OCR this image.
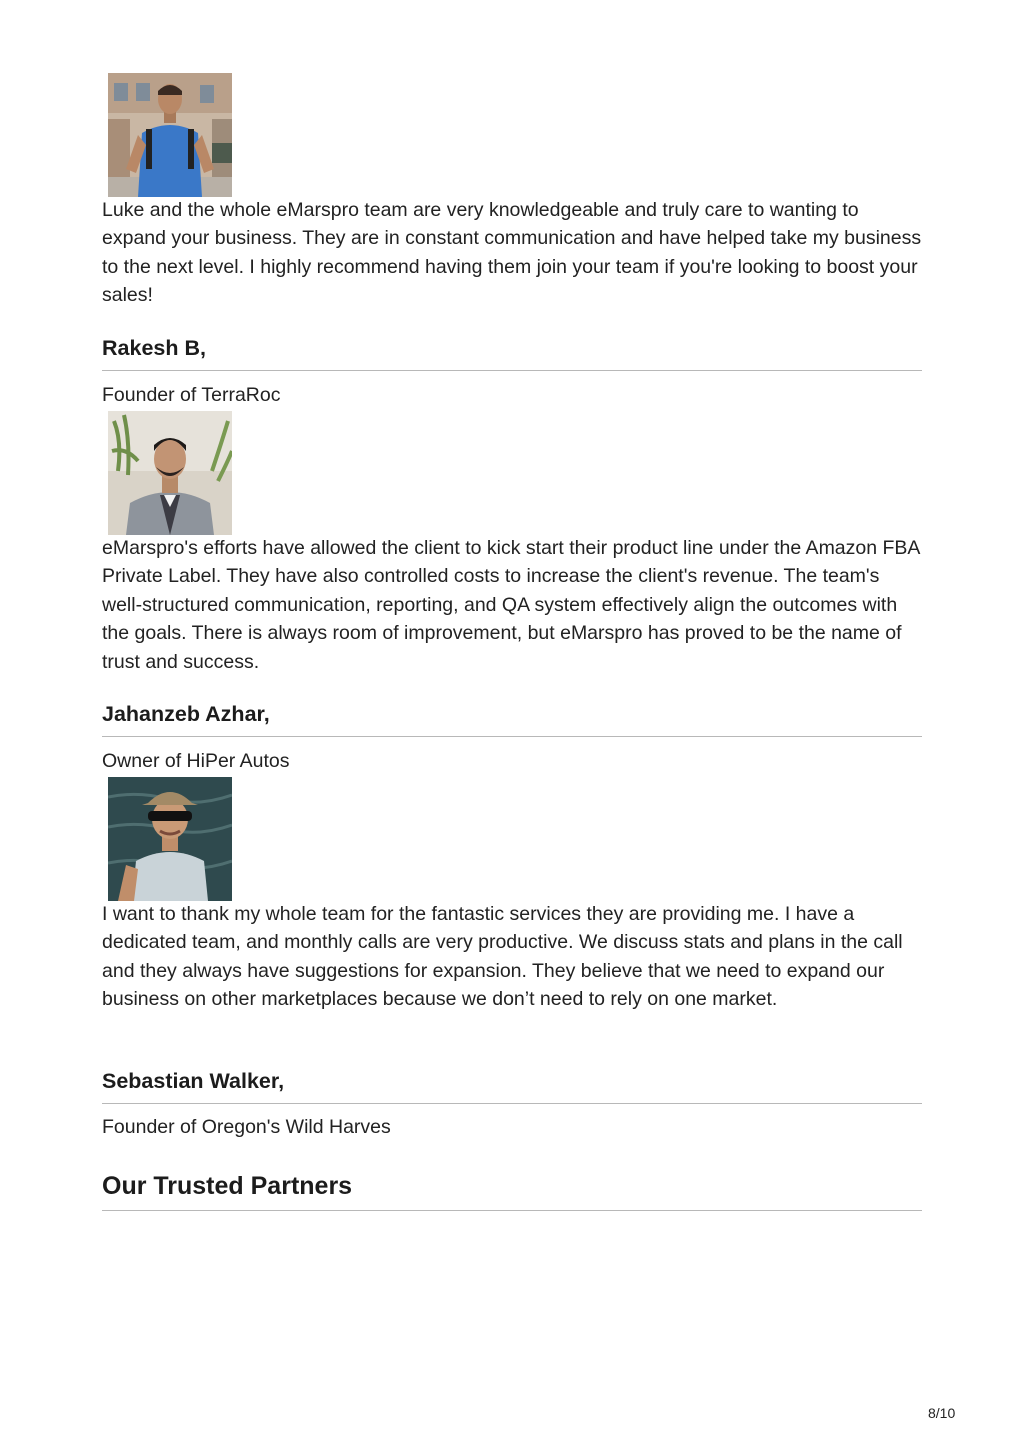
Luke and the whole eMarspro team are very knowledgeable and truly care to wanting to expand your business. They are in constant communication and have helped take my business to the next level. I highly recommend having them join your team if you're looking to boost your sales!

Rakesh B,

Founder of TerraRoc

eMarspro's efforts have allowed the client to kick start their product line under the Amazon FBA Private Label. They have also controlled costs to increase the client's revenue. The team's well-structured communication, reporting, and QA system effectively align the outcomes with the goals. There is always room of improvement, but eMarspro has proved to be the name of trust and success.

Jahanzeb Azhar,

Owner of HiPer Autos

I want to thank my whole team for the fantastic services they are providing me. I have a dedicated team, and monthly calls are very productive. We discuss stats and plans in the call and they always have suggestions for expansion. They believe that we need to expand our business on other marketplaces because we don’t need to rely on one market.

Sebastian Walker,

Founder of Oregon's Wild Harves

Our Trusted Partners
8/10
